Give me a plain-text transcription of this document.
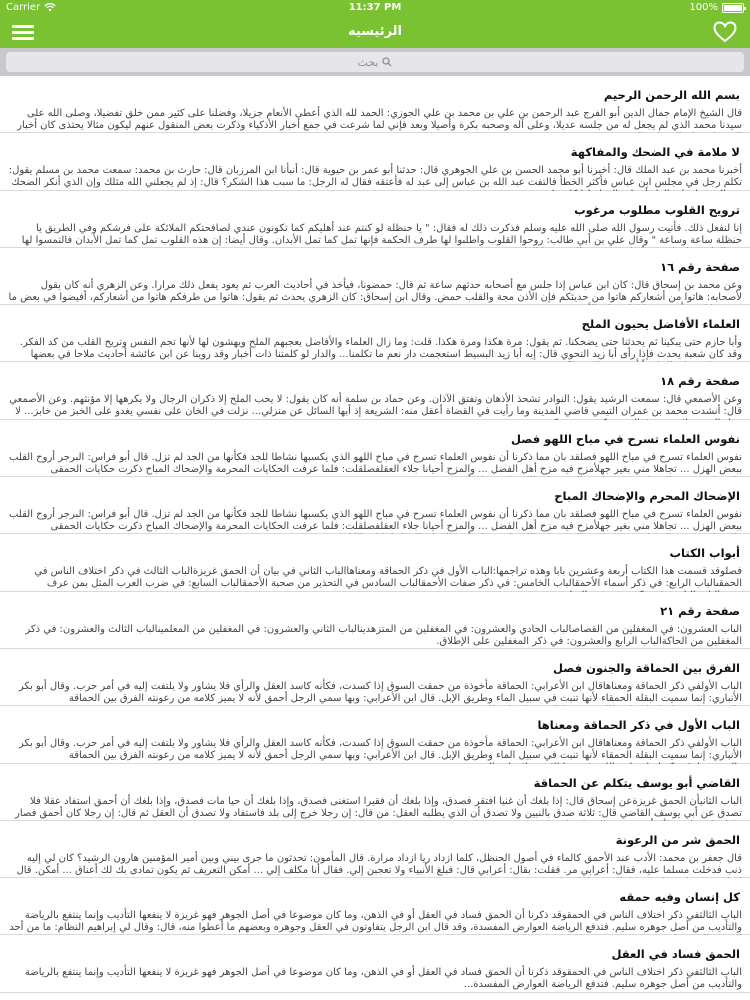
Carrier	11:37 PM	100%
الرئيسيه
بحث
بسم الله الرحمن الرحيم
قال الشيخ الإمام جمال الدين أبو الفرج عبد الرحمن بن علي بن محمد بن علي الجوزي: الحمد لله الذي أعطى الأنعام جزيلا، وفضلنا على كثير ممن خلق تفضيلا، وصلى الله على سيدنا محمد الذي لم يجعل له من جلسه عديلا، وعلى آله وصحبه بكرة وأصيلا وبعد فإني لما شرعت في جمع أخبار الأذكياء وذكرت بعض المنقول عنهم ليكون مثالا يحتذى كان أخبار
لا ملامة في الضحك والمفاكهة
أخبرنا محمد بن عبد الملك قال: أخبرنا أبو محمد الحسن بن علي الجوهري قال: حدثنا أبو عمر بن حيوية قال: أنبأنا ابن المرزبان قال: حارث بن محمد: سمعت محمد بن مسلم يقول: تكلم رجل في مجلس ابن عباس فأكثر الخطأ فالتفت عبد الله بن عباس إلى عبد له فأعتقه فقال له الرجل: ما سبب هذا الشكر؟ قال: إذ لم يجعلني الله مثلك وإن الذي أنكر الضحك
ترويح القلوب مطلوب مرغوب
إنا لنفعل ذلك. فأتيت رسول الله صلى الله عليه وسلم فذكرت ذلك له فقال: " يا حنظلة لو كنتم عند أهليكم كما تكونون عندي لصافحتكم الملائكة على فرشكم وفي الطريق يا حنظلة ساعة وساعة " وقال علي بن أبي طالب: روحوا القلوب واطلبوا لها طرف الحكمة فإنها تمل كما تمل الأبدان. وقال أيضا: إن هذه القلوب تمل كما تمل الأبدان فالتمسوا لها
صفحة رقم ١٦
وعن محمد بن إسحاق قال: كان ابن عباس إذا جلس مع أصحابه حدثهم ساعة ثم قال: حمضونا، فيأخذ في أحاديث العرب ثم يعود يفعل ذلك مرارا. وعن الزهري أنه كان يقول لأصحابه: هاتوا من أشعاركم هاتوا من حديثكم فإن الأذن مجة والقلب حمض. وقال ابن إسحاق: كان الزهري يحدث ثم يقول: هاتوا من طرفكم هاتوا من أشعاركم، أفيضوا في بعض ما
العلماء الأفاضل يحيون الملح
وأبا حازم حتى يبكينا ثم يحدثنا حتى يضحكنا. ثم يقول: مرة هكذا ومرة هكذا. قلت: وما زال العلماء والأفاضل يعجبهم الملح ويهشون لها لأنها تجم النفس وتريح القلب من كد الفكر. وقد كان شعبة يحدث فإذا رأى أبا زيد النحوي قال: إيه أبا زيد البسيط استعجمت دار نعم ما تكلمنا... والدار لو كلمتنا ذات أخبار وقد روينا عن ابن عائشة أحاديث ملاحا في بعضها
صفحة رقم ١٨
وعن الأصمعي قال: سمعت الرشيد يقول: النوادر تشحذ الأذهان وتفتق الآذان. وعن حماد بن سلمة أنه كان يقول: لا يحب الملح إلا ذكران الرجال ولا يكرهها إلا مؤنثهم. وعن الأصمعي قال: أنشدت محمد بن عمران التيمي قاضي المدينة وما رأيت في القضاة أعقل منه: الشريعة إذ أبها السائل عن منزلي... نزلت في الخان على نفسي يغدو على الخبز من خابز... لا
نفوس العلماء تسرح في مباح اللهو فصل
نفوس العلماء تسرح في مباح اللهو فصلقد بان مما ذكرنا أن نفوس العلماء تسرح في مباح اللهو الذي يكسبها نشاطا للجد فكأنها من الجد لم تزل. قال أبو فراس: البرجر أروح القلب ببعض الهزل ... تجاهلا مني بغير جهلأمزح فيه مزح أهل الفضل ... والمزح أحيانا جلاء العقلفصلقلت: فلما عرفت الحكايات المحرمة والإضحاك المباح ذكرت حكايات الحمقى
الإضحاك المحرم والإضحاك المباح
نفوس العلماء تسرح في مباح اللهو فصلقد بان مما ذكرنا أن نفوس العلماء تسرح في مباح اللهو الذي يكسبها نشاطا للجد فكأنها من الجد لم تزل. قال أبو فراس: البرجر أروح القلب ببعض الهزل ... تجاهلا مني بغير جهلأمزح فيه مزح أهل الفضل ... والمزح أحيانا جلاء العقلفصلقلت: فلما عرفت الحكايات المحرمة والإضحاك المباح ذكرت حكايات الحمقى
أبواب الكتاب
فصلوقد قسمت هذا الكتاب أربعة وعشرين بابا وهذه تراجمها:الباب الأول في ذكر الحماقة ومعناهاالباب الثاني في بيان أن الحمق غريزةالباب الثالث في ذكر اختلاف الناس في الحمقىالباب الرابع: في ذكر أسماء الأحمقالباب الخامس: في ذكر صفات الأحمقالباب السادس في التحذير من صحبة الأحمقالباب السابع: في ضرب العرب المثل بمن عرف
صفحة رقم ٢١
الباب العشرون: في المغفلين من القصاصالباب الحادي والعشرون: في المغفلين من المتزهدينالباب الثاني والعشرون: في المغفلين من المعلمينالباب الثالث والعشرون: في ذكر المغفلين من الحاكةالباب الرابع والعشرون: في ذكر المغفلين على الإطلاق.
الفرق بين الحماقة والجنون فصل
الباب الأولفي ذكر الحماقة ومعناهاقال ابن الأعرابي: الحماقة مأخوذة من حمقت السوق إذا كسدت، فكأنه كاسد العقل والرأي فلا يشاور ولا يلتفت إليه في أمر حرب. وقال أبو بكر الأنباري: إنما سميت البقلة الحمقاء لأنها تنبت في سبيل الماء وطريق الإبل. قال ابن الأعرابي: وبها سمي الرجل أحمق لأنه لا يميز كلامه من رعونته الفرق بين الحماقة
الباب الأول في ذكر الحماقة ومعناها
الباب الأولفي ذكر الحماقة ومعناهاقال ابن الأعرابي: الحماقة مأخوذة من حمقت السوق إذا كسدت، فكأنه كاسد العقل والرأي فلا يشاور ولا يلتفت إليه في أمر حرب. وقال أبو بكر الأنباري: إنما سميت البقلة الحمقاء لأنها تنبت في سبيل الماء وطريق الإبل. قال ابن الأعرابي: وبها سمي الرجل أحمق لأنه لا يميز كلامه من رعونته الفرق بين الحماقة
القاضي أبو يوسف يتكلم عن الحماقة
الباب الثانيأن الحمق غريزةعن إسحاق قال: إذا بلغك أن غنيا افتقر فصدق، وإذا بلغك أن فقيرا استغنى فصدق، وإذا بلغك أن حيا مات فصدق، وإذا بلغك أن أحمق استفاد عقلا فلا تصدق عن أبي يوسف القاضي قال: ثلاثة صدق بالنبين ولا تصدق أن الذي يطلبه العقل: من قال: إن رجلا خرج إلى بلد فاستفاد ولا تصدق أن العقل ثم قال: إن رجلا كان أحمق فصار
الحمق شر من الرعونة
قال جعفر بن محمد: الأدب عند الأحمق كالماء في أصول الحنظل، كلما ازداد ريا ازداد مرارة. قال المأمون: تحدثون ما جرى بيني وبين أمير المؤمنين هارون الرشيد؟ كان لي إليه ذنب فدخلت مسلما عليه، فقال: أعرابي مر. فقلت: بقال: أعرابي قال: فبلغ الأنبياء ولا تعجبن إلي. فقال أنا مكلف إلي ... أمكن التعريف ثم يكون تمادى بك لك أعناق ... أمكن. قال
كل إنسان وفيه حمقه
الباب الثالثفي ذكر اختلاف الناس في الحمقوقد ذكرنا أن الحمق فساد في العقل أو في الذهن، وما كان موضوعا في أصل الجوهر فهو غريزة لا ينفعها التأديب وإنما ينتفع بالرياضة والتأديب من أصل جوهره سليم. فتدفع الرياضة العوارض المفسدة، وقد قال ابن الرجل يتفاوتون في العقل وجوهره وبعضهم ما أعطوا منه، قال: وقال لي إبراهيم النظام: ما من أحد
الحمق فساد في العقل
الباب الثالثفي ذكر اختلاف الناس في الحمقوقد ذكرنا أن الحمق فساد في العقل أو في الذهن، وما كان موضوعا في أصل الجوهر فهو غريزة لا ينفعها التأديب وإنما ينتفع بالرياضة والتأديب من أصل جوهره سليم. فتدفع الرياضة العوارض المفسدة...
